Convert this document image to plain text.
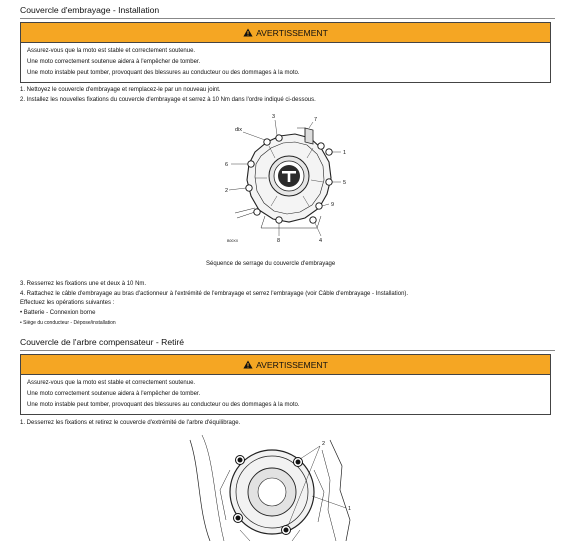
Couvercle d'embrayage - Installation
AVERTISSEMENT
Assurez-vous que la moto est stable et correctement soutenue.
Une moto correctement soutenue aidera à l'empêcher de tomber.
Une moto instable peut tomber, provoquant des blessures au conducteur ou des dommages à la moto.
1. Nettoyez le couvercle d'embrayage et remplacez-le par un nouveau joint.
2. Installez les nouvelles fixations du couvercle d'embrayage et serrez à 10 Nm dans l'ordre indiqué ci-dessous.
3	7
1
5
9
4
8
2
6
dix
B00XX
Séquence de serrage du couvercle d'embrayage
3. Resserrez les fixations une et deux à 10 Nm.
4. Rattachez le câble d'embrayage au bras d'actionneur à l'extrémité de l'embrayage et serrez l'embrayage (voir Câble d'embrayage - Installation).
Effectuez les opérations suivantes :
• Batterie - Connexion borne
• Siège du conducteur - Dépose/installation
Couvercle de l'arbre compensateur - Retiré
AVERTISSEMENT
Assurez-vous que la moto est stable et correctement soutenue.
Une moto correctement soutenue aidera à l'empêcher de tomber.
Une moto instable peut tomber, provoquant des blessures au conducteur ou des dommages à la moto.
1. Desserrez les fixations et retirez le couvercle d'extrémité de l'arbre d'équilibrage.
2
1
